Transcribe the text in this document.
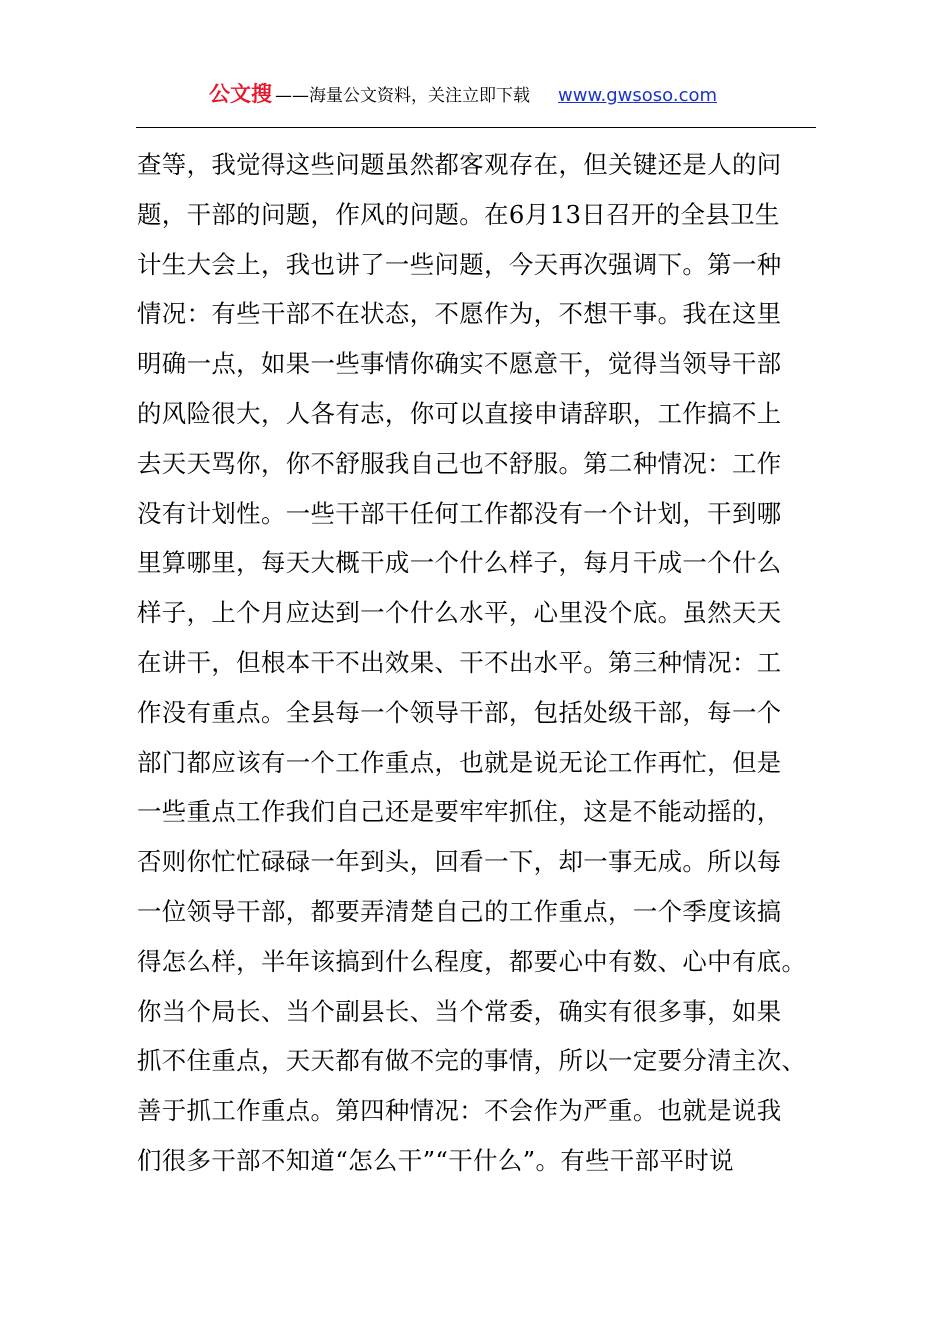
公文搜 ——海量公文资料，关注立即下载 www.gwsoso.com
查等，我觉得这些问题虽然都客观存在，但关键还是人的问
题，干部的问题，作风的问题。在6月13日召开的全县卫生
计生大会上，我也讲了一些问题，今天再次强调下。第一种
情况：有些干部不在状态，不愿作为，不想干事。我在这里
明确一点，如果一些事情你确实不愿意干，觉得当领导干部
的风险很大，人各有志，你可以直接申请辞职，工作搞不上
去天天骂你，你不舒服我自己也不舒服。第二种情况：工作
没有计划性。一些干部干任何工作都没有一个计划，干到哪
里算哪里，每天大概干成一个什么样子，每月干成一个什么
样子，上个月应达到一个什么水平，心里没个底。虽然天天
在讲干，但根本干不出效果、干不出水平。第三种情况：工
作没有重点。全县每一个领导干部，包括处级干部，每一个
部门都应该有一个工作重点，也就是说无论工作再忙，但是
一些重点工作我们自己还是要牢牢抓住，这是不能动摇的，
否则你忙忙碌碌一年到头，回看一下，却一事无成。所以每
一位领导干部，都要弄清楚自己的工作重点，一个季度该搞
得怎么样，半年该搞到什么程度，都要心中有数、心中有底。
你当个局长、当个副县长、当个常委，确实有很多事，如果
抓不住重点，天天都有做不完的事情，所以一定要分清主次、
善于抓工作重点。第四种情况：不会作为严重。也就是说我
们很多干部不知道“怎么干”“干什么”。有些干部平时说
